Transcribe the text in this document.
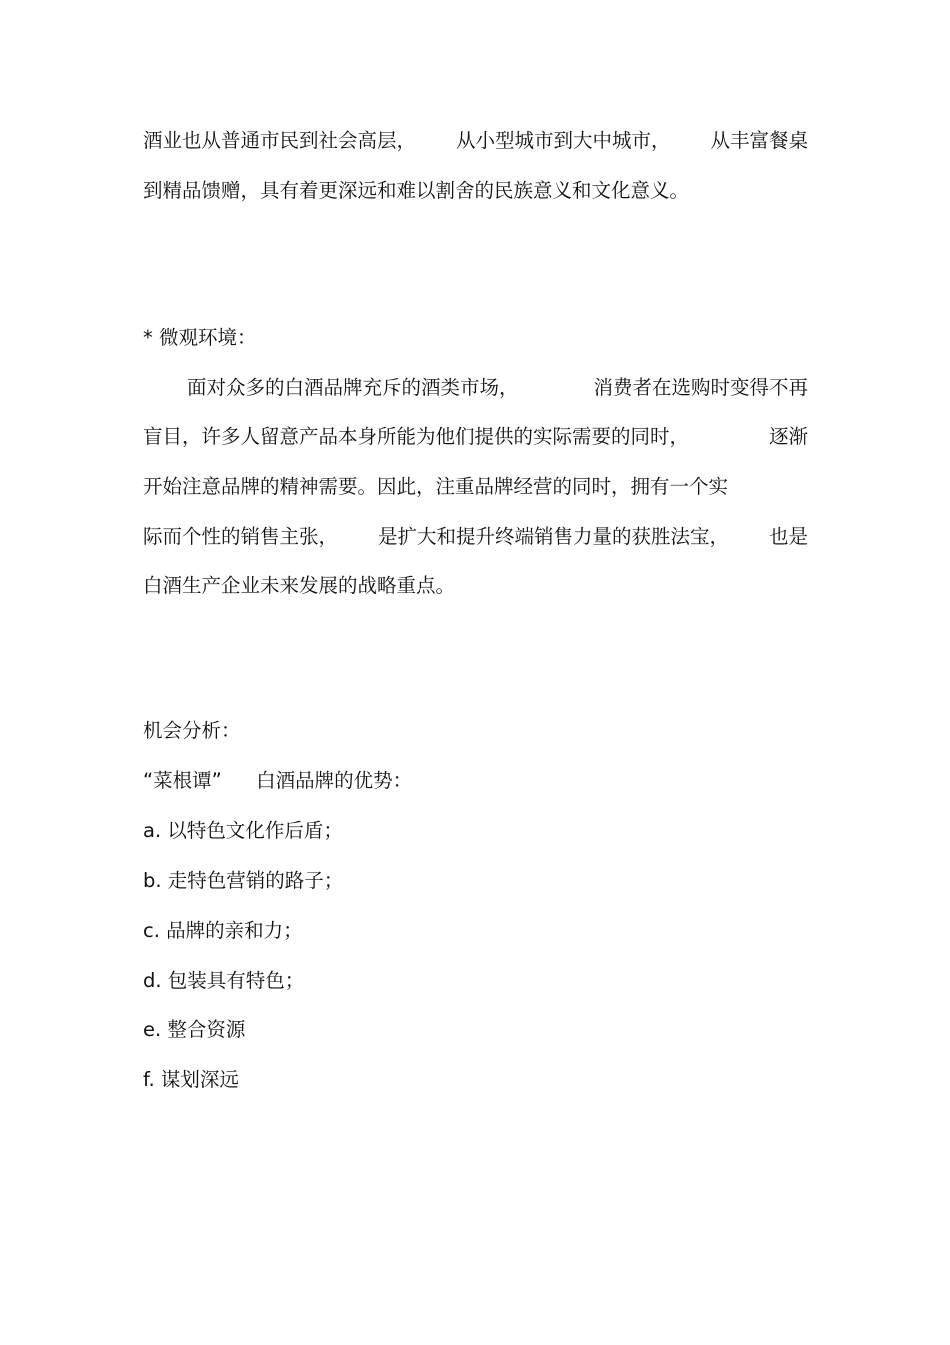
酒业也从普通市民到社会高层， 从小型城市到大中城市， 从丰富餐桌

到精品馈赠，具有着更深远和难以割舍的民族意义和文化意义。

* 微观环境：

面对众多的白酒品牌充斥的酒类市场，	消费者在选购时变得不再

盲目，许多人留意产品本身所能为他们提供的实际需要的同时，	逐渐

开始注意品牌的精神需要。因此，注重品牌经营的同时，拥有一个实

际而个性的销售主张， 是扩大和提升终端销售力量的获胜法宝， 也是

白酒生产企业未来发展的战略重点。

机会分析：

“菜根谭” 白酒品牌的优势：

a. 以特色文化作后盾；

b. 走特色营销的路子；

c. 品牌的亲和力；

d. 包装具有特色；

e. 整合资源

f. 谋划深远
